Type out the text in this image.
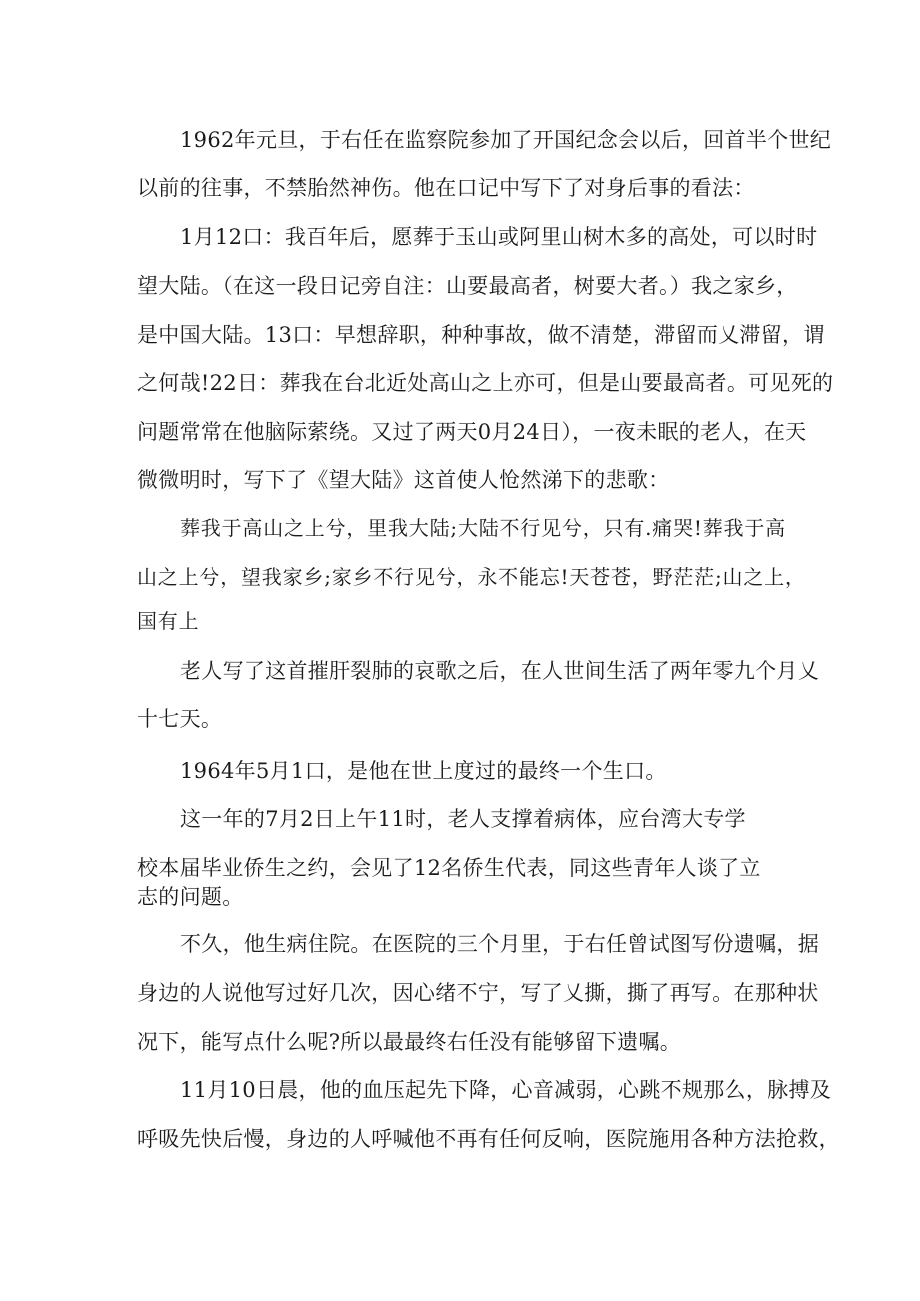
1962年元旦，于右任在监察院参加了开国纪念会以后，回首半个世纪
以前的往事，不禁胎然神伤。他在口记中写下了对身后事的看法：
1月12口：我百年后，愿葬于玉山或阿里山树木多的高处，可以时时
望大陆。（在这一段日记旁自注：山要最高者，树要大者。）我之家乡，
是中国大陆。13口：早想辞职，种种事故，做不清楚，滞留而乂滞留，谓
之何哉!22日：葬我在台北近处高山之上亦可，但是山要最高者。可见死的
问题常常在他脑际萦绕。又过了两天0月24日），一夜未眠的老人，在天
微微明时，写下了《望大陆》这首使人怆然涕下的悲歌：
葬我于高山之上兮，里我大陆;大陆不行见兮，只有.痛哭!葬我于高
山之上兮，望我家乡;家乡不行见兮，永不能忘!天苍苍，野茫茫;山之上，
国有上
老人写了这首摧肝裂肺的哀歌之后，在人世间生活了两年零九个月乂
十七天。
1964年5月1口，是他在世上度过的最终一个生口。
这一年的7月2日上午11时，老人支撑着病体，应台湾大专学
校本届毕业侨生之约，会见了12名侨生代表，同这些青年人谈了立
志的问题。
不久，他生病住院。在医院的三个月里，于右任曾试图写份遗嘱，据
身边的人说他写过好几次，因心绪不宁，写了乂撕，撕了再写。在那种状
况下，能写点什么呢?所以最最终右任没有能够留下遗嘱。
11月10日晨，他的血压起先下降，心音减弱，心跳不规那么，脉搏及
呼吸先快后慢，身边的人呼喊他不再有任何反响，医院施用各种方法抢救，
